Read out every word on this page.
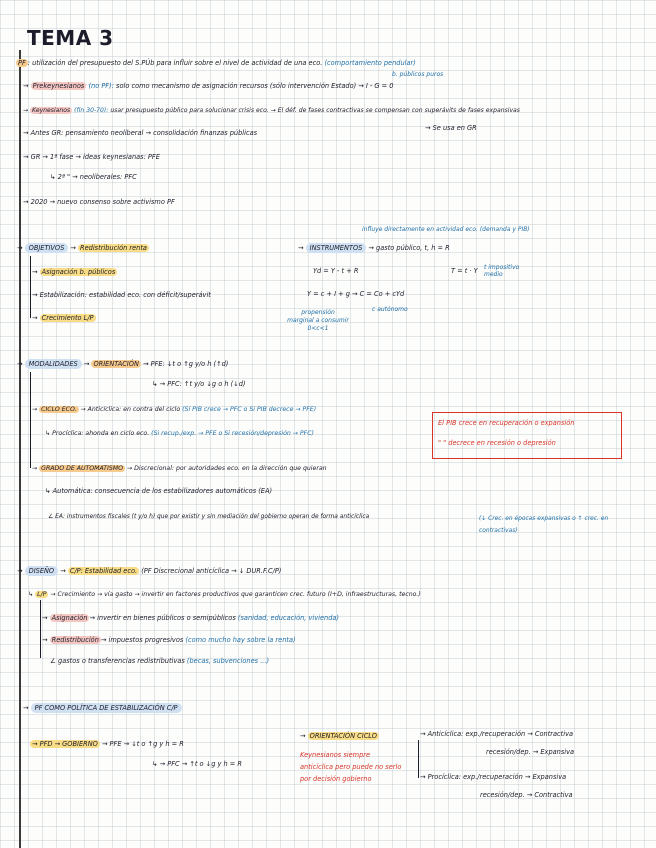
TEMA 3
PF : utilización del presupuesto del S.PÚb para influir sobre el nivel de actividad de una eco. (comportamiento pendular)
b. públicos puros
→ Prekeynesianos (no PF): solo como mecanismo de asignación recursos (sólo intervención Estado) → I - G = 0
→ Keynesianos (fin 30-70): usar presupuesto público para solucionar crisis eco. → El déf. de fases contractivas se compensan con superávits de fases expansivas
→ Se usa en GR
→ Antes GR: pensamiento neoliberal → consolidación finanzas públicas
→ GR → 1ª fase → ideas keynesianas: PFE
↳ 2ª " → neoliberales: PFC
→ 2020 → nuevo consenso sobre activismo PF
→ OBJETIVOS → Redistribución renta
→ Asignación b. públicos
→ Estabilización: estabilidad eco. con déficit/superávit
→ Crecimiento L/P
influye directamente en actividad eco. (demanda y PIB)
→ INSTRUMENTOS → gasto público, t, h = R
Yd = Y - t + R	T = t · Y t impositivo medio
Y = c + I + g → C = Co + cYd
c autónomo
propensión marginal a consumir 0<c<1
→ MODALIDADES → ORIENTACIÓN → PFE: ↓t o ↑g y/o h (↑d)
↳ → PFC: ↑t y/o ↓g o h (↓d)
→ CICLO ECO. → Anticíclica: en contra del ciclo (Si PIB crece → PFC o Si PIB decrece → PFE)
↳ Procíclica: ahonda en ciclo eco. (Si recup./exp. → PFE o Si recesión/depresión → PFC)
El PIB crece en recuperación o expansión
" " decrece en recesión o depresión
→ GRADO DE AUTOMATISMO → Discrecional: por autoridades eco. en la dirección que quieran
↳ Automática: consecuencia de los estabilizadores automáticos (EA)
∠ EA: instrumentos fiscales (t y/o h) que por existir y sin mediación del gobierno operan de forma anticíclica	(↓ Crec. en épocas expansivas o ↑ crec. en contractivas)
→ DISEÑO → C/P: Estabilidad eco. (PF Discrecional anticíclica → ↓ DUR.F.C/P)
↳ L/P → Crecimiento → vía gasto → invertir en factores productivos que garanticen crec. futuro (I+D, infraestructuras, tecno.)
→ Asignación → invertir en bienes públicos o semipúblicos (sanidad, educación, vivienda)
→ Redistribución → impuestos progresivos (como mucho hay sobre la renta)
∠ gastos o transferencias redistributivas (becas, subvenciones ...)
→ PF COMO POLÍTICA DE ESTABILIZACIÓN C/P
→ PFD → GOBIERNO → PFE → ↓t o ↑g y h = R
↳ → PFC → ↑t o ↓g y h = R
→ ORIENTACIÓN CICLO
Keynesianos siempre anticíclica pero puede no serlo por decisión gobierno
→ Anticíclica: exp./recuperación → Contractiva
recesión/dep. → Expansiva
→ Procíclica: exp./recuperación → Expansiva
recesión/dep. → Contractiva
